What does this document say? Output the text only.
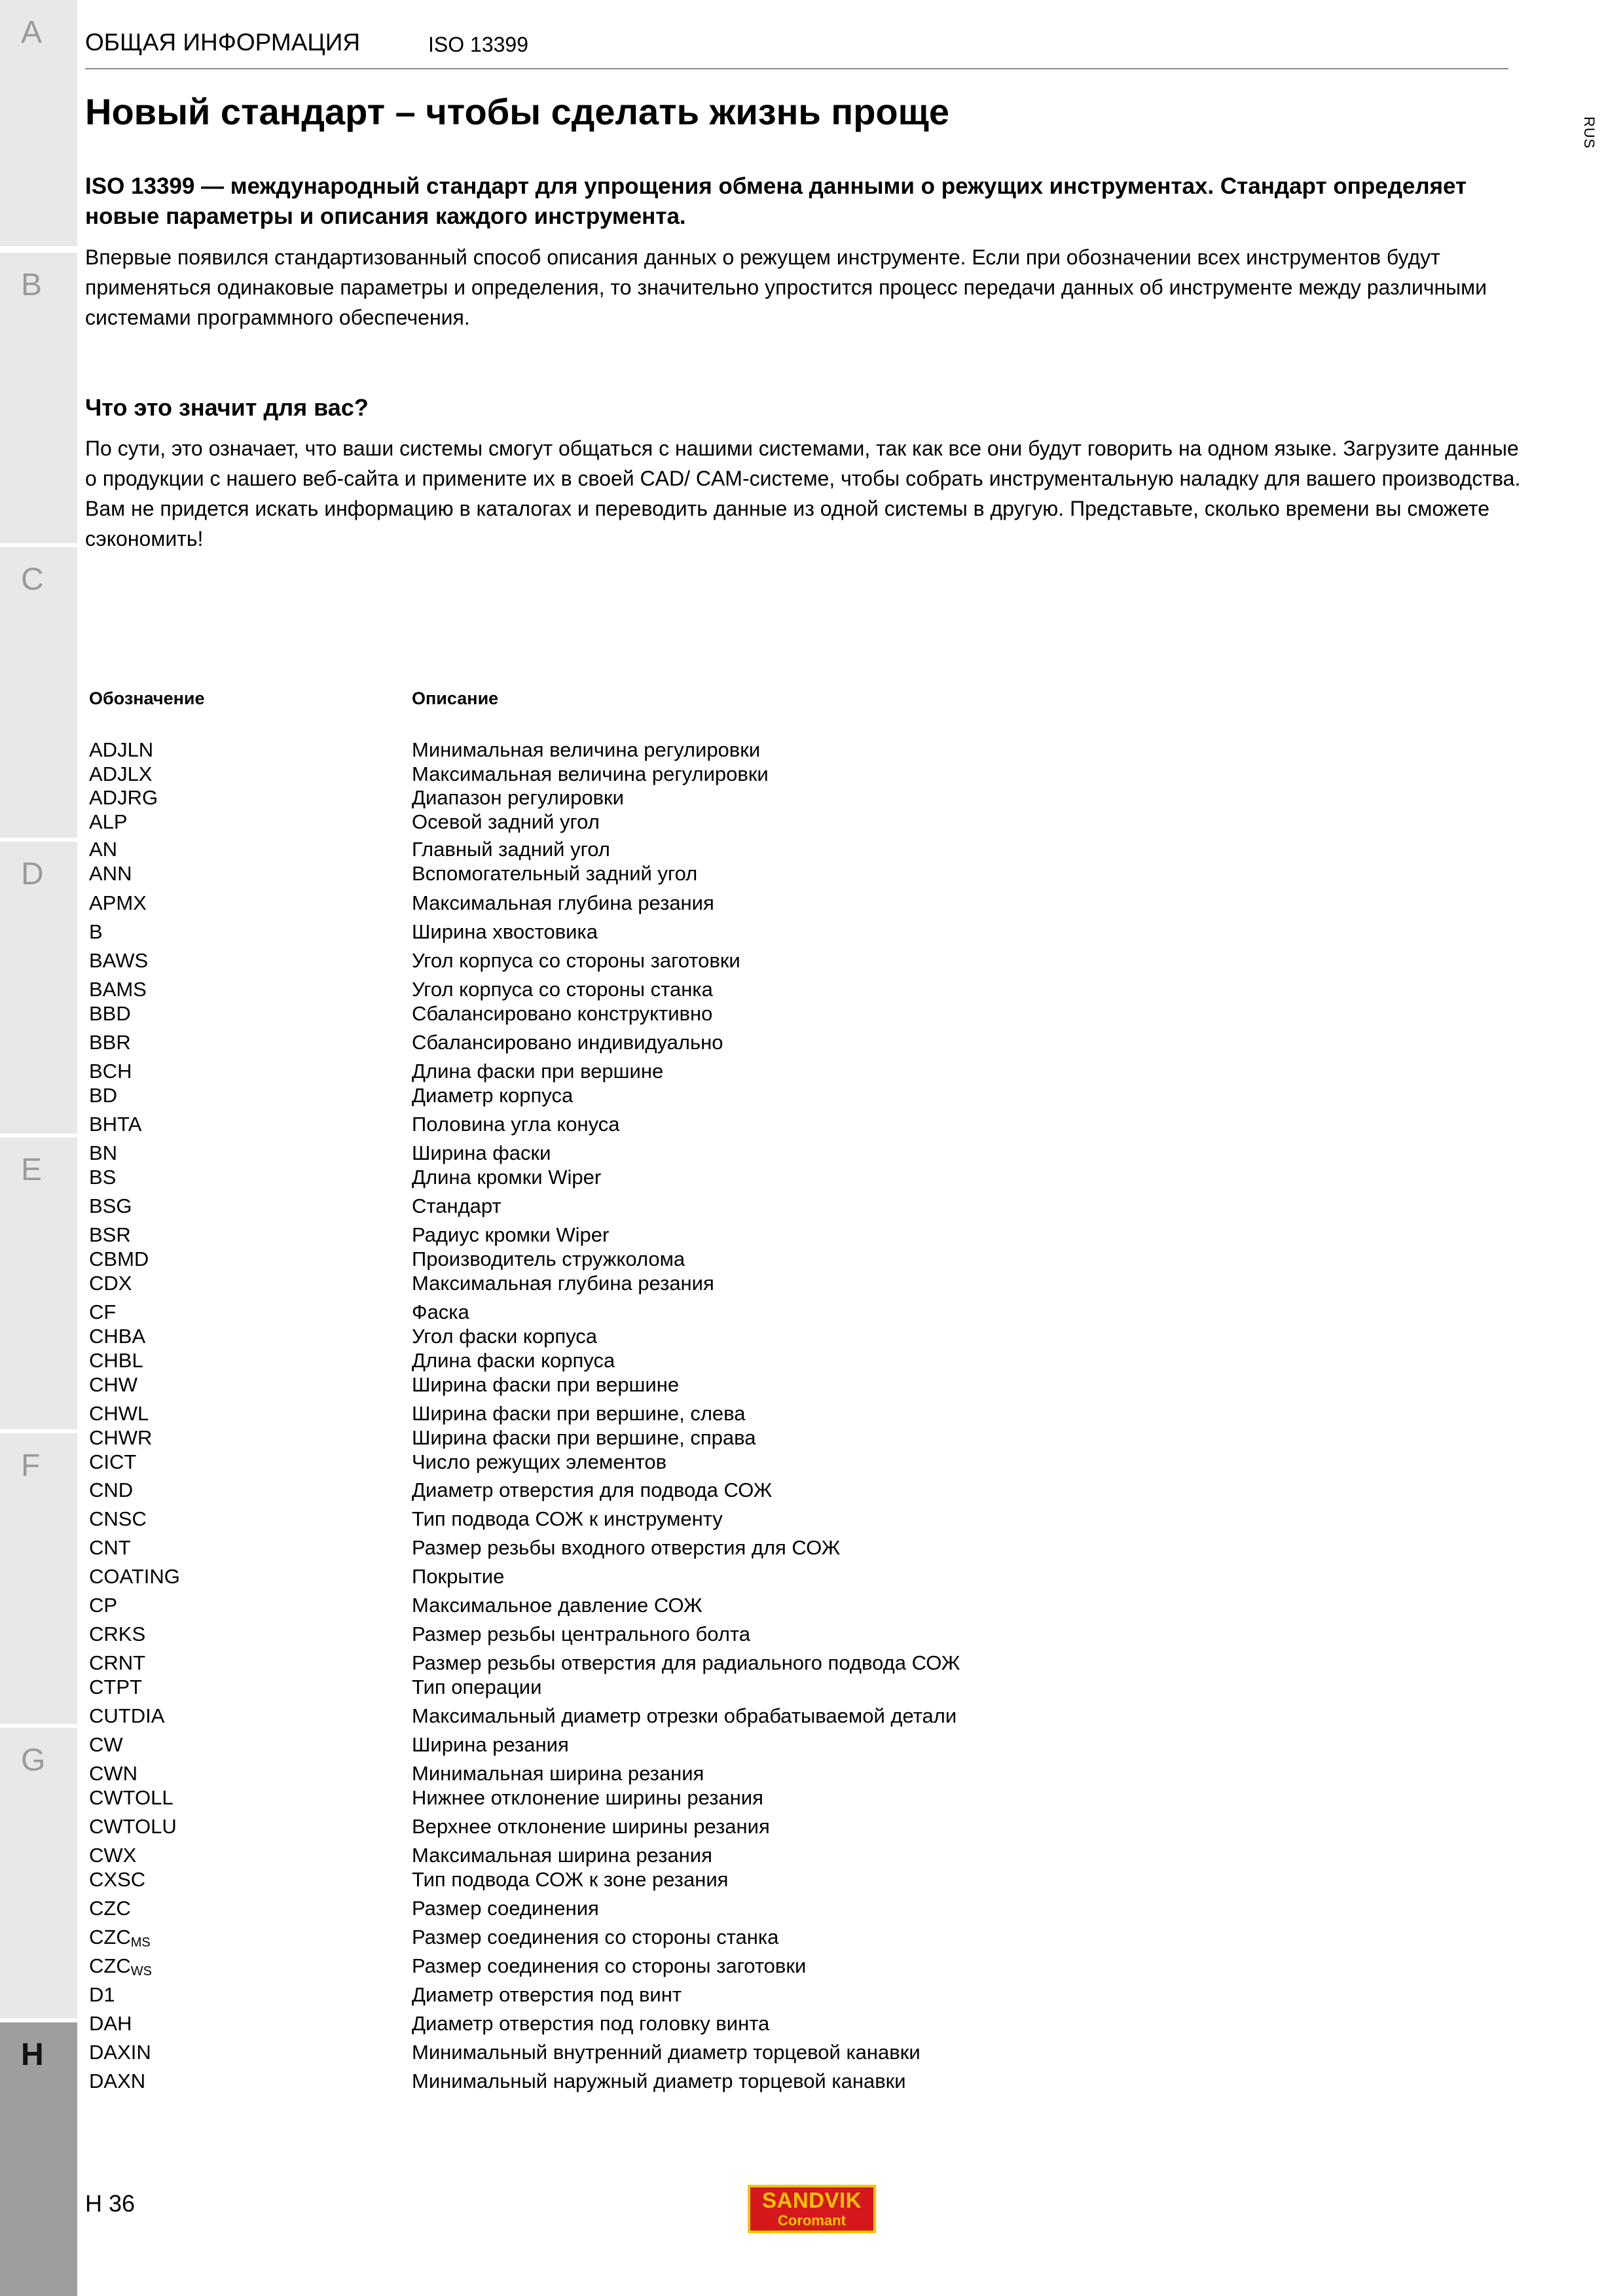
A
B
C
D
E
F
G
H
RUS
ОБЩАЯ ИНФОРМАЦИЯ	ISO 13399
Новый стандарт – чтобы сделать жизнь проще

ISO 13399 — международный стандарт для упрощения обмена данными о режущих инструментах. Стандарт определяет новые параметры и описания каждого инструмента.

Впервые появился стандартизованный способ описания данных о режущем инструменте. Если при обозначении всех инструментов будут применяться одинаковые параметры и определения, то значительно упростится процесс передачи данных об инструменте между различными системами программного обеспечения.

Что это значит для вас?

По сути, это означает, что ваши системы смогут общаться с нашими системами, так как все они будут говорить на одном языке. Загрузите данные о продукции с нашего веб-сайта и примените их в своей CAD/ CAM-системе, чтобы собрать инструментальную наладку для вашего производства. Вам не придется искать информацию в каталогах и переводить данные из одной системы в другую. Представьте, сколько времени вы сможете сэкономить!

Обозначение	Описание
ADJLN	Минимальная величина регулировки
ADJLX	Максимальная величина регулировки
ADJRG	Диапазон регулировки
ALP	Осевой задний угол
AN	Главный задний угол
ANN	Вспомогательный задний угол
APMX	Максимальная глубина резания
B	Ширина хвостовика
BAWS	Угол корпуса со стороны заготовки
BAMS	Угол корпуса со стороны станка
BBD	Сбалансировано конструктивно
BBR	Сбалансировано индивидуально
BCH	Длина фаски при вершине
BD	Диаметр корпуса
BHTA	Половина угла конуса
BN	Ширина фаски
BS	Длина кромки Wiper
BSG	Стандарт
BSR	Радиус кромки Wiper
CBMD	Производитель стружколома
CDX	Максимальная глубина резания
CF	Фаска
CHBA	Угол фаски корпуса
CHBL	Длина фаски корпуса
CHW	Ширина фаски при вершине
CHWL	Ширина фаски при вершине, слева
CHWR	Ширина фаски при вершине, справа
CICT	Число режущих элементов
CND	Диаметр отверстия для подвода СОЖ
CNSC	Тип подвода СОЖ к инструменту
CNT	Размер резьбы входного отверстия для СОЖ
COATING	Покрытие
CP	Максимальное давление СОЖ
CRKS	Размер резьбы центрального болта
CRNT	Размер резьбы отверстия для радиального подвода СОЖ
CTPT	Тип операции
CUTDIA	Максимальный диаметр отрезки обрабатываемой детали
CW	Ширина резания
CWN	Минимальная ширина резания
CWTOLL	Нижнее отклонение ширины резания
CWTOLU	Верхнее отклонение ширины резания
CWX	Максимальная ширина резания
CXSC	Тип подвода СОЖ к зоне резания
CZC	Размер соединения
$CZC_{MS}$	Размер соединения со стороны станка
$CZC_{WS}$	Размер соединения со стороны заготовки
D1	Диаметр отверстия под винт
DAH	Диаметр отверстия под головку винта
DAXIN	Минимальный внутренний диаметр торцевой канавки
DAXN	Минимальный наружный диаметр торцевой канавки
H 36	SANDVIK
Coromant
